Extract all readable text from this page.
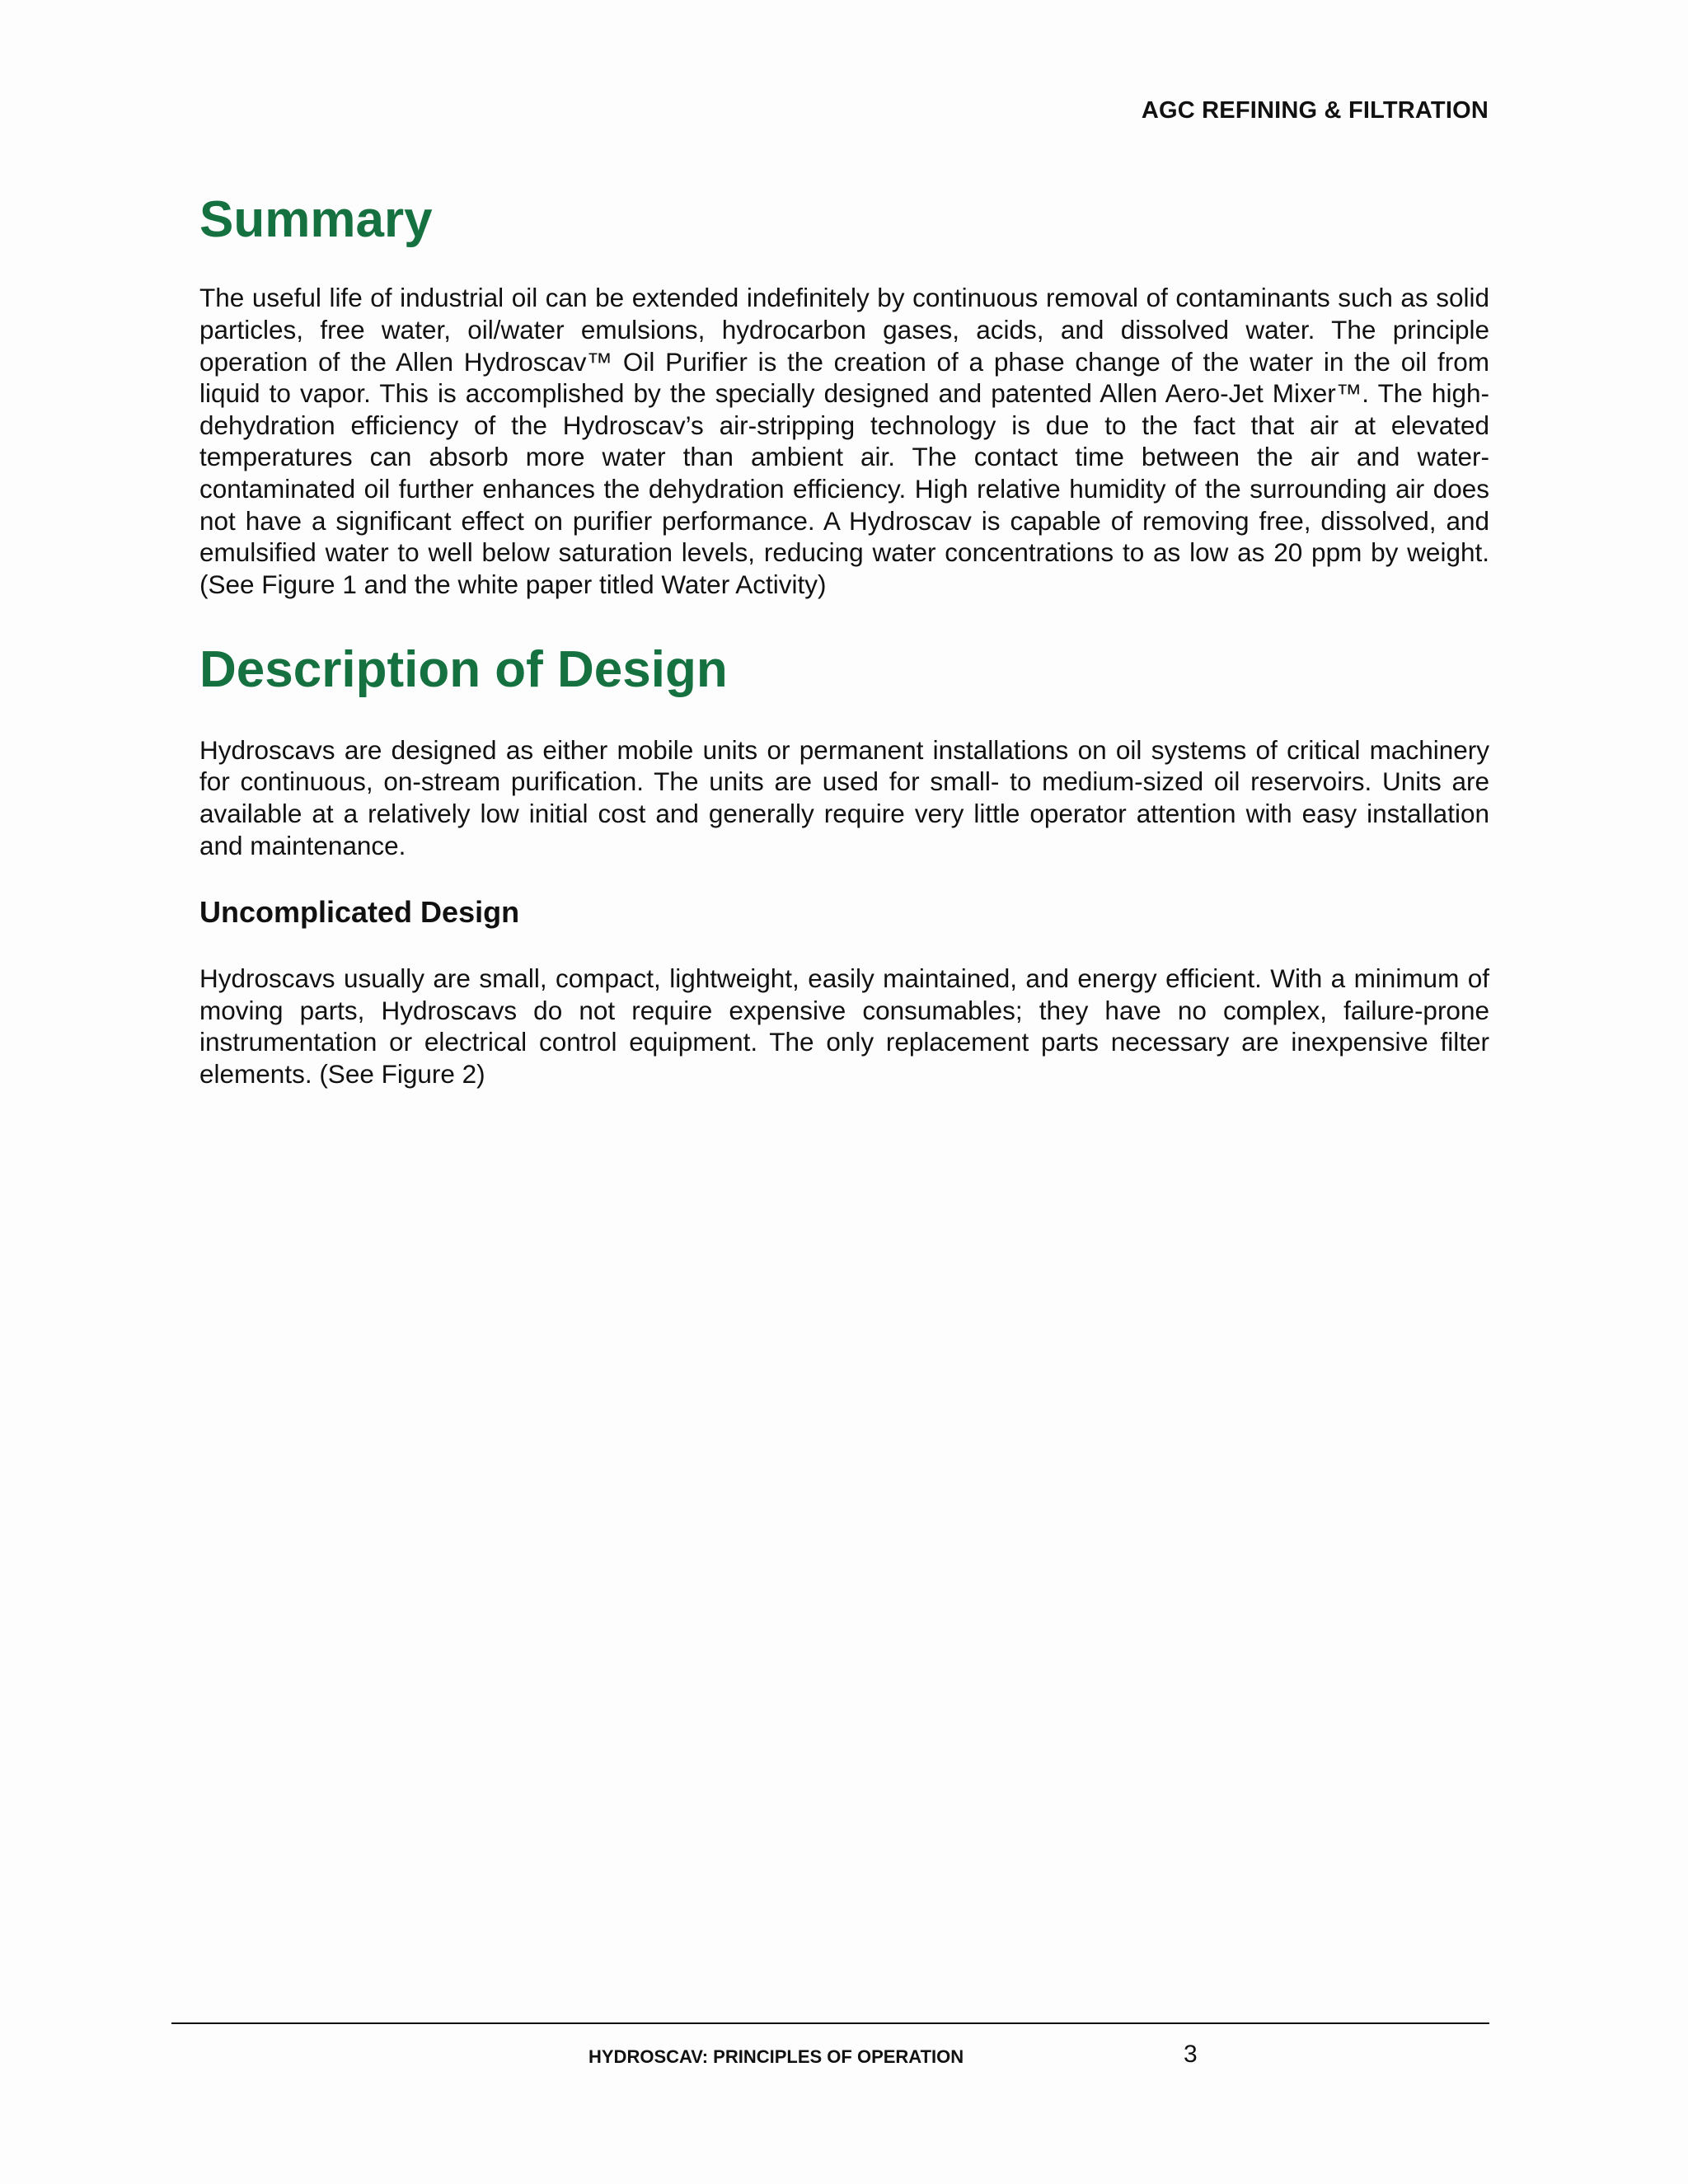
AGC REFINING & FILTRATION
Summary

The useful life of industrial oil can be extended indefinitely by continuous removal of contaminants such as solid particles, free water, oil/water emulsions, hydrocarbon gases, acids, and dissolved water. The principle operation of the Allen Hydroscav™ Oil Purifier is the creation of a phase change of the water in the oil from liquid to vapor. This is accomplished by the specially designed and patented Allen Aero-Jet Mixer™. The high-dehydration efficiency of the Hydroscav’s air-stripping technology is due to the fact that air at elevated temperatures can absorb more water than ambient air. The contact time between the air and water-contaminated oil further enhances the dehydration efficiency. High relative humidity of the surrounding air does not have a significant effect on purifier performance. A Hydroscav is capable of removing free, dissolved, and emulsified water to well below saturation levels, reducing water concentrations to as low as 20 ppm by weight. (See Figure 1 and the white paper titled Water Activity)

Description of Design

Hydroscavs are designed as either mobile units or permanent installations on oil systems of critical machinery for continuous, on-stream purification. The units are used for small- to medium-sized oil reservoirs. Units are available at a relatively low initial cost and generally require very little operator attention with easy installation and maintenance.

Uncomplicated Design

Hydroscavs usually are small, compact, lightweight, easily maintained, and energy efficient. With a minimum of moving parts, Hydroscavs do not require expensive consumables; they have no complex, failure-prone instrumentation or electrical control equipment. The only replacement parts necessary are inexpensive filter elements. (See Figure 2)

HYDROSCAV: PRINCIPLES OF OPERATION	3
